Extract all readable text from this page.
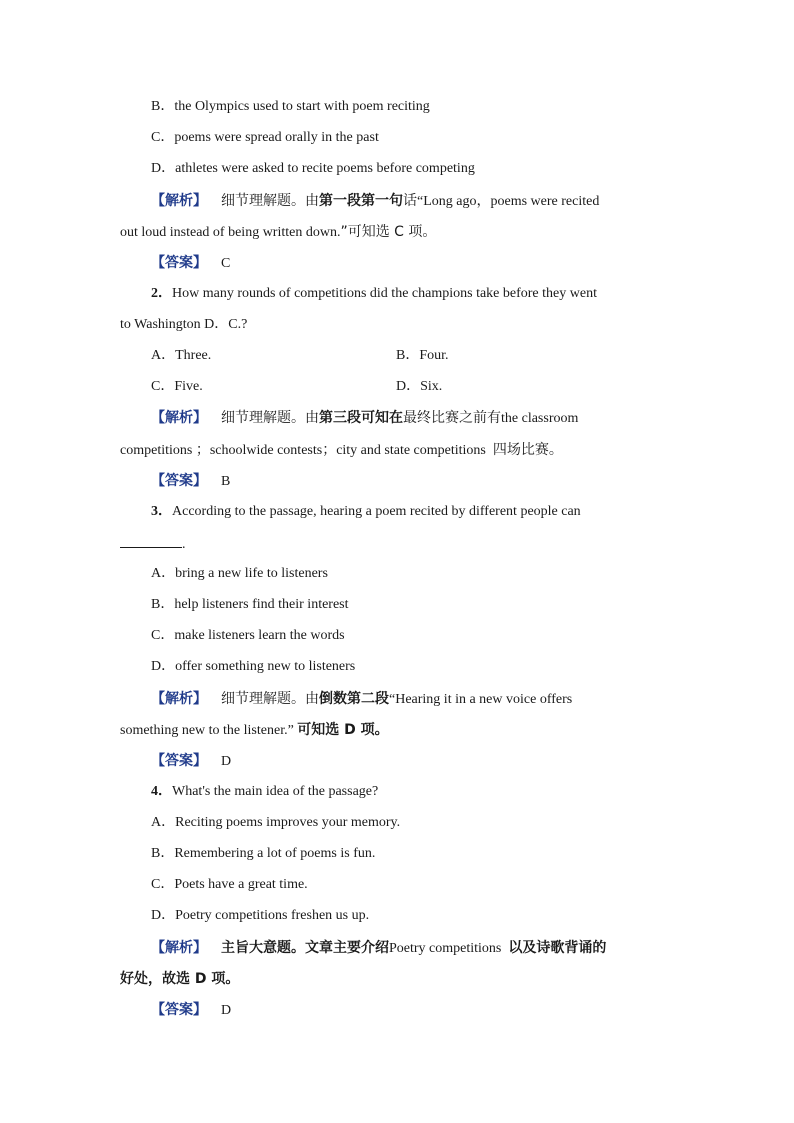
B．the Olympics used to start with poem reciting
C．poems were spread orally in the past
D．athletes were asked to recite poems before competing
【解析】 细节理解题。由第一段第一句话“Long ago，poems were recited
out loud instead of being written down.”可知选 C 项。
【答案】 C
2．How many rounds of competitions did the champions take before they went
to Washington D．C.?
A．Three.	B．Four.
C．Five.	D．Six.
【解析】 细节理解题。由第三段可知在最终比赛之前有the classroom
competitions ；schoolwide contests；city and state competitions 四场比赛。
【答案】 B
3．According to the passage, hearing a poem recited by different people can
.
A．bring a new life to listeners
B．help listeners find their interest
C．make listeners learn the words
D．offer something new to listeners
【解析】 细节理解题。由倒数第二段“Hearing it in a new voice offers
something new to the listener.” 可知选 D 项。
【答案】 D
4．What's the main idea of the passage?
A．Reciting poems improves your memory.
B．Remembering a lot of poems is fun.
C．Poets have a great time.
D．Poetry competitions freshen us up.
【解析】 主旨大意题。文章主要介绍Poetry competitions 以及诗歌背诵的
好处，故选 D 项。
【答案】 D
